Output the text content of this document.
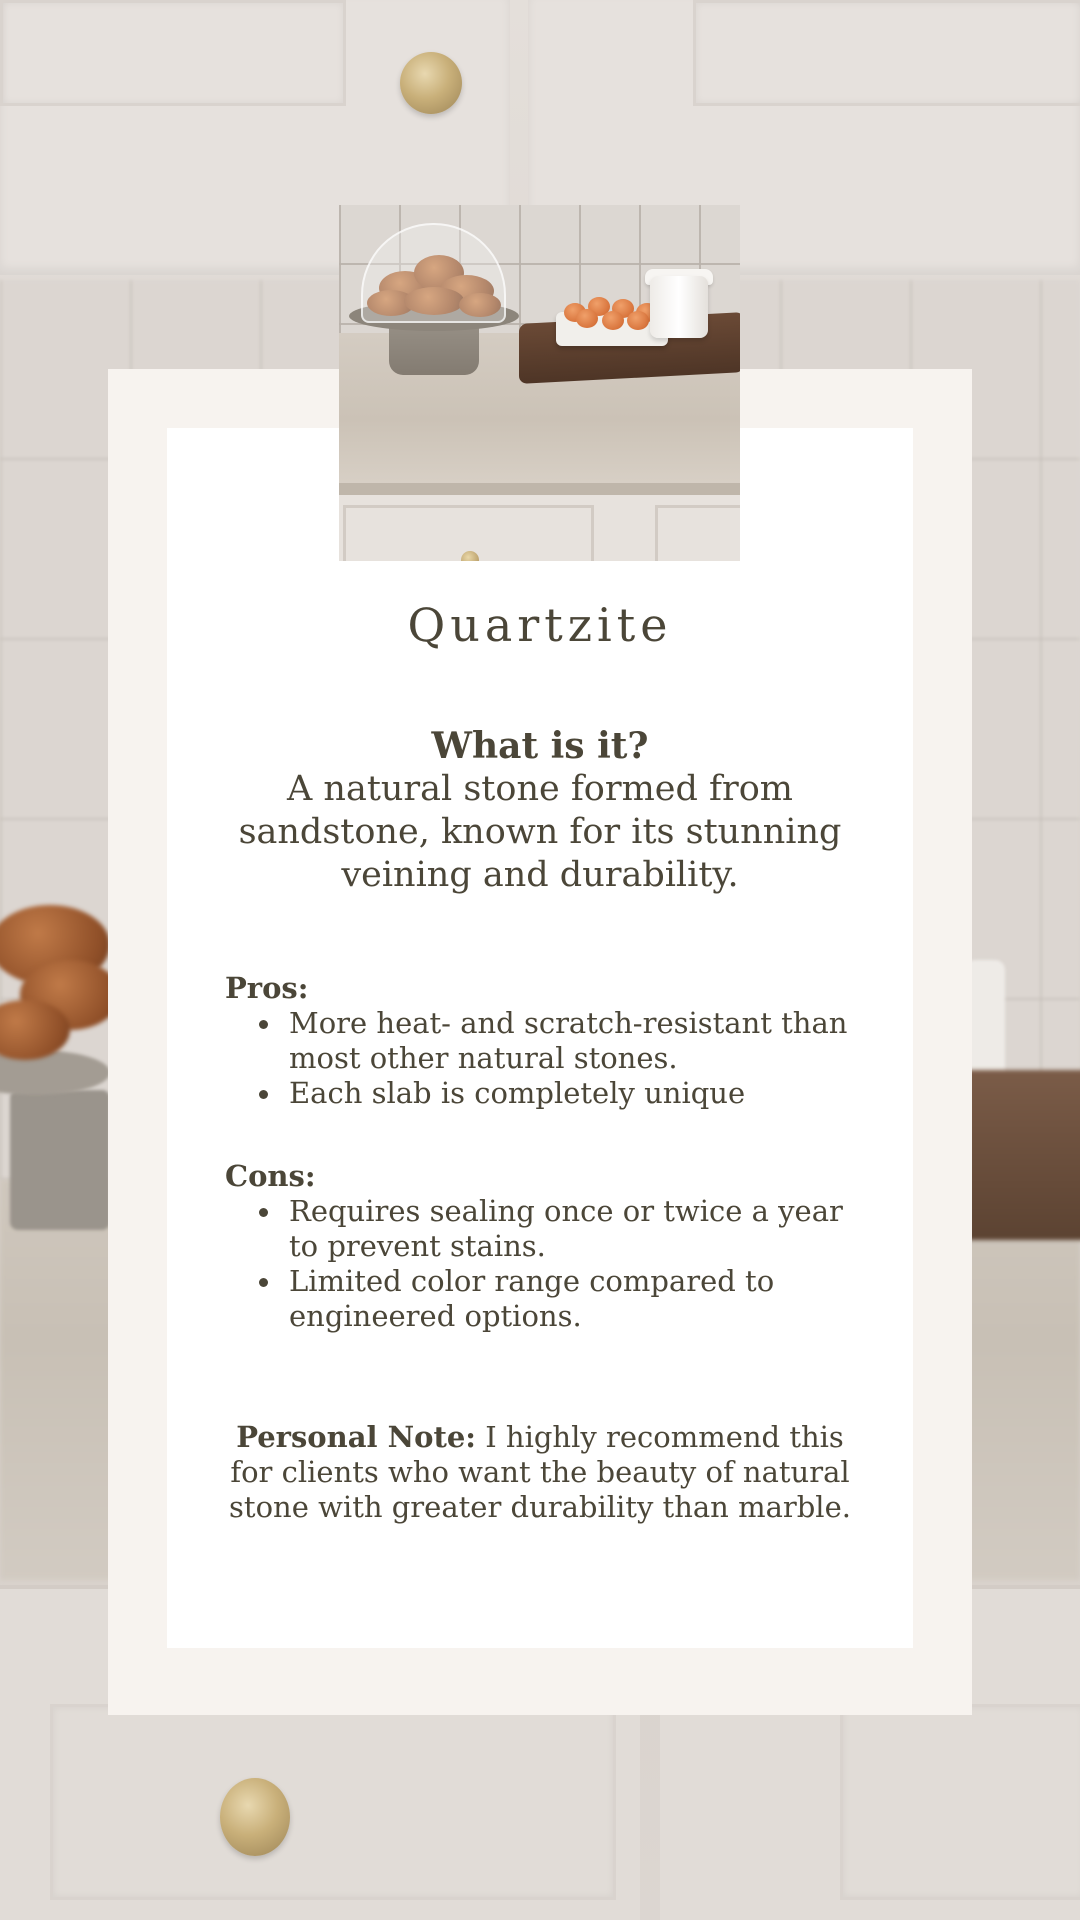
Quartzite
What is it?
A natural stone formed from sandstone, known for its stunning veining and durability.
Pros:
More heat- and scratch-resistant than most other natural stones.
Each slab is completely unique
Cons:
Requires sealing once or twice a year to prevent stains.
Limited color range compared to engineered options.
Personal Note: I highly recommend this for clients who want the beauty of natural stone with greater durability than marble.
